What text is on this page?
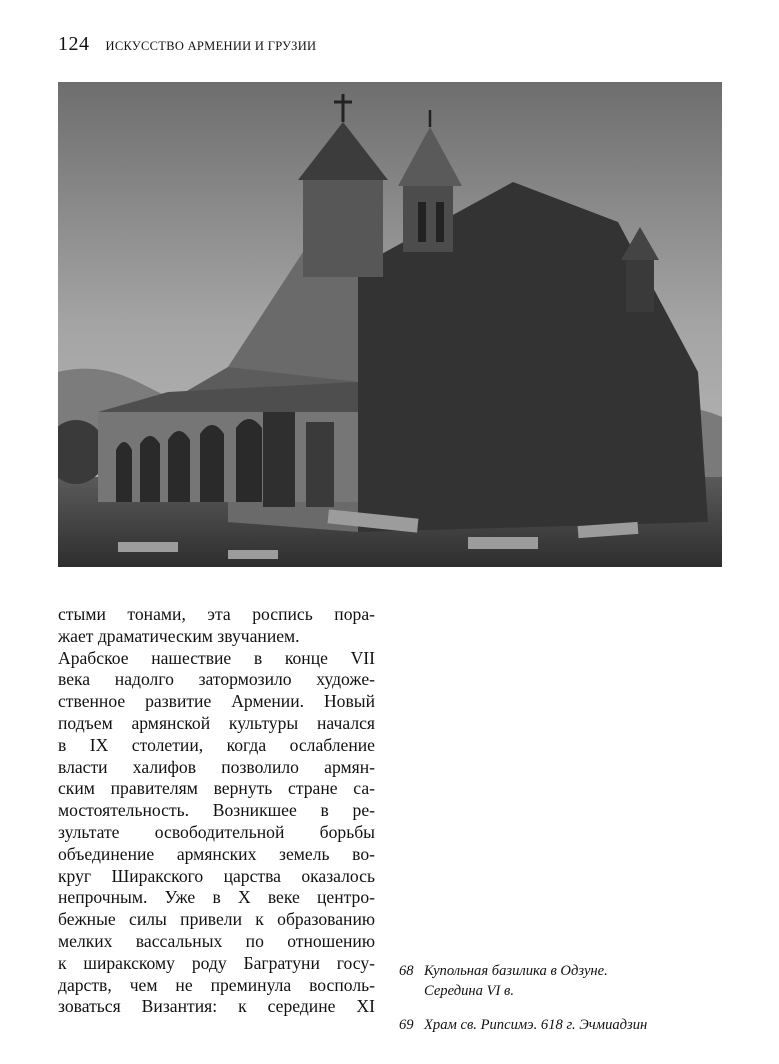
124 ИСКУССТВО АРМЕНИИ И ГРУЗИИ

стыми тонами, эта роспись пора-

жает драматическим звучанием.

Арабское нашествие в конце VII

века надолго затормозило художе-

ственное развитие Армении. Новый

подъем армянской культуры начался

в IX столетии, когда ослабление

власти халифов позволило армян-

ским правителям вернуть стране са-

мостоятельность. Возникшее в ре-

зультате освободительной борьбы

объединение армянских земель во-

круг Ширакского царства оказалось

непрочным. Уже в X веке центро-

бежные силы привели к образованию

мелких вассальных по отношению

к ширакскому роду Багратуни госу-

дарств, чем не преминула восполь-

зоваться Византия: к середине XI

68 Купольная базилика в Одзуне.
Середина VI в.
69 Храм св. Рипсимэ. 618 г. Эчмиадзин
